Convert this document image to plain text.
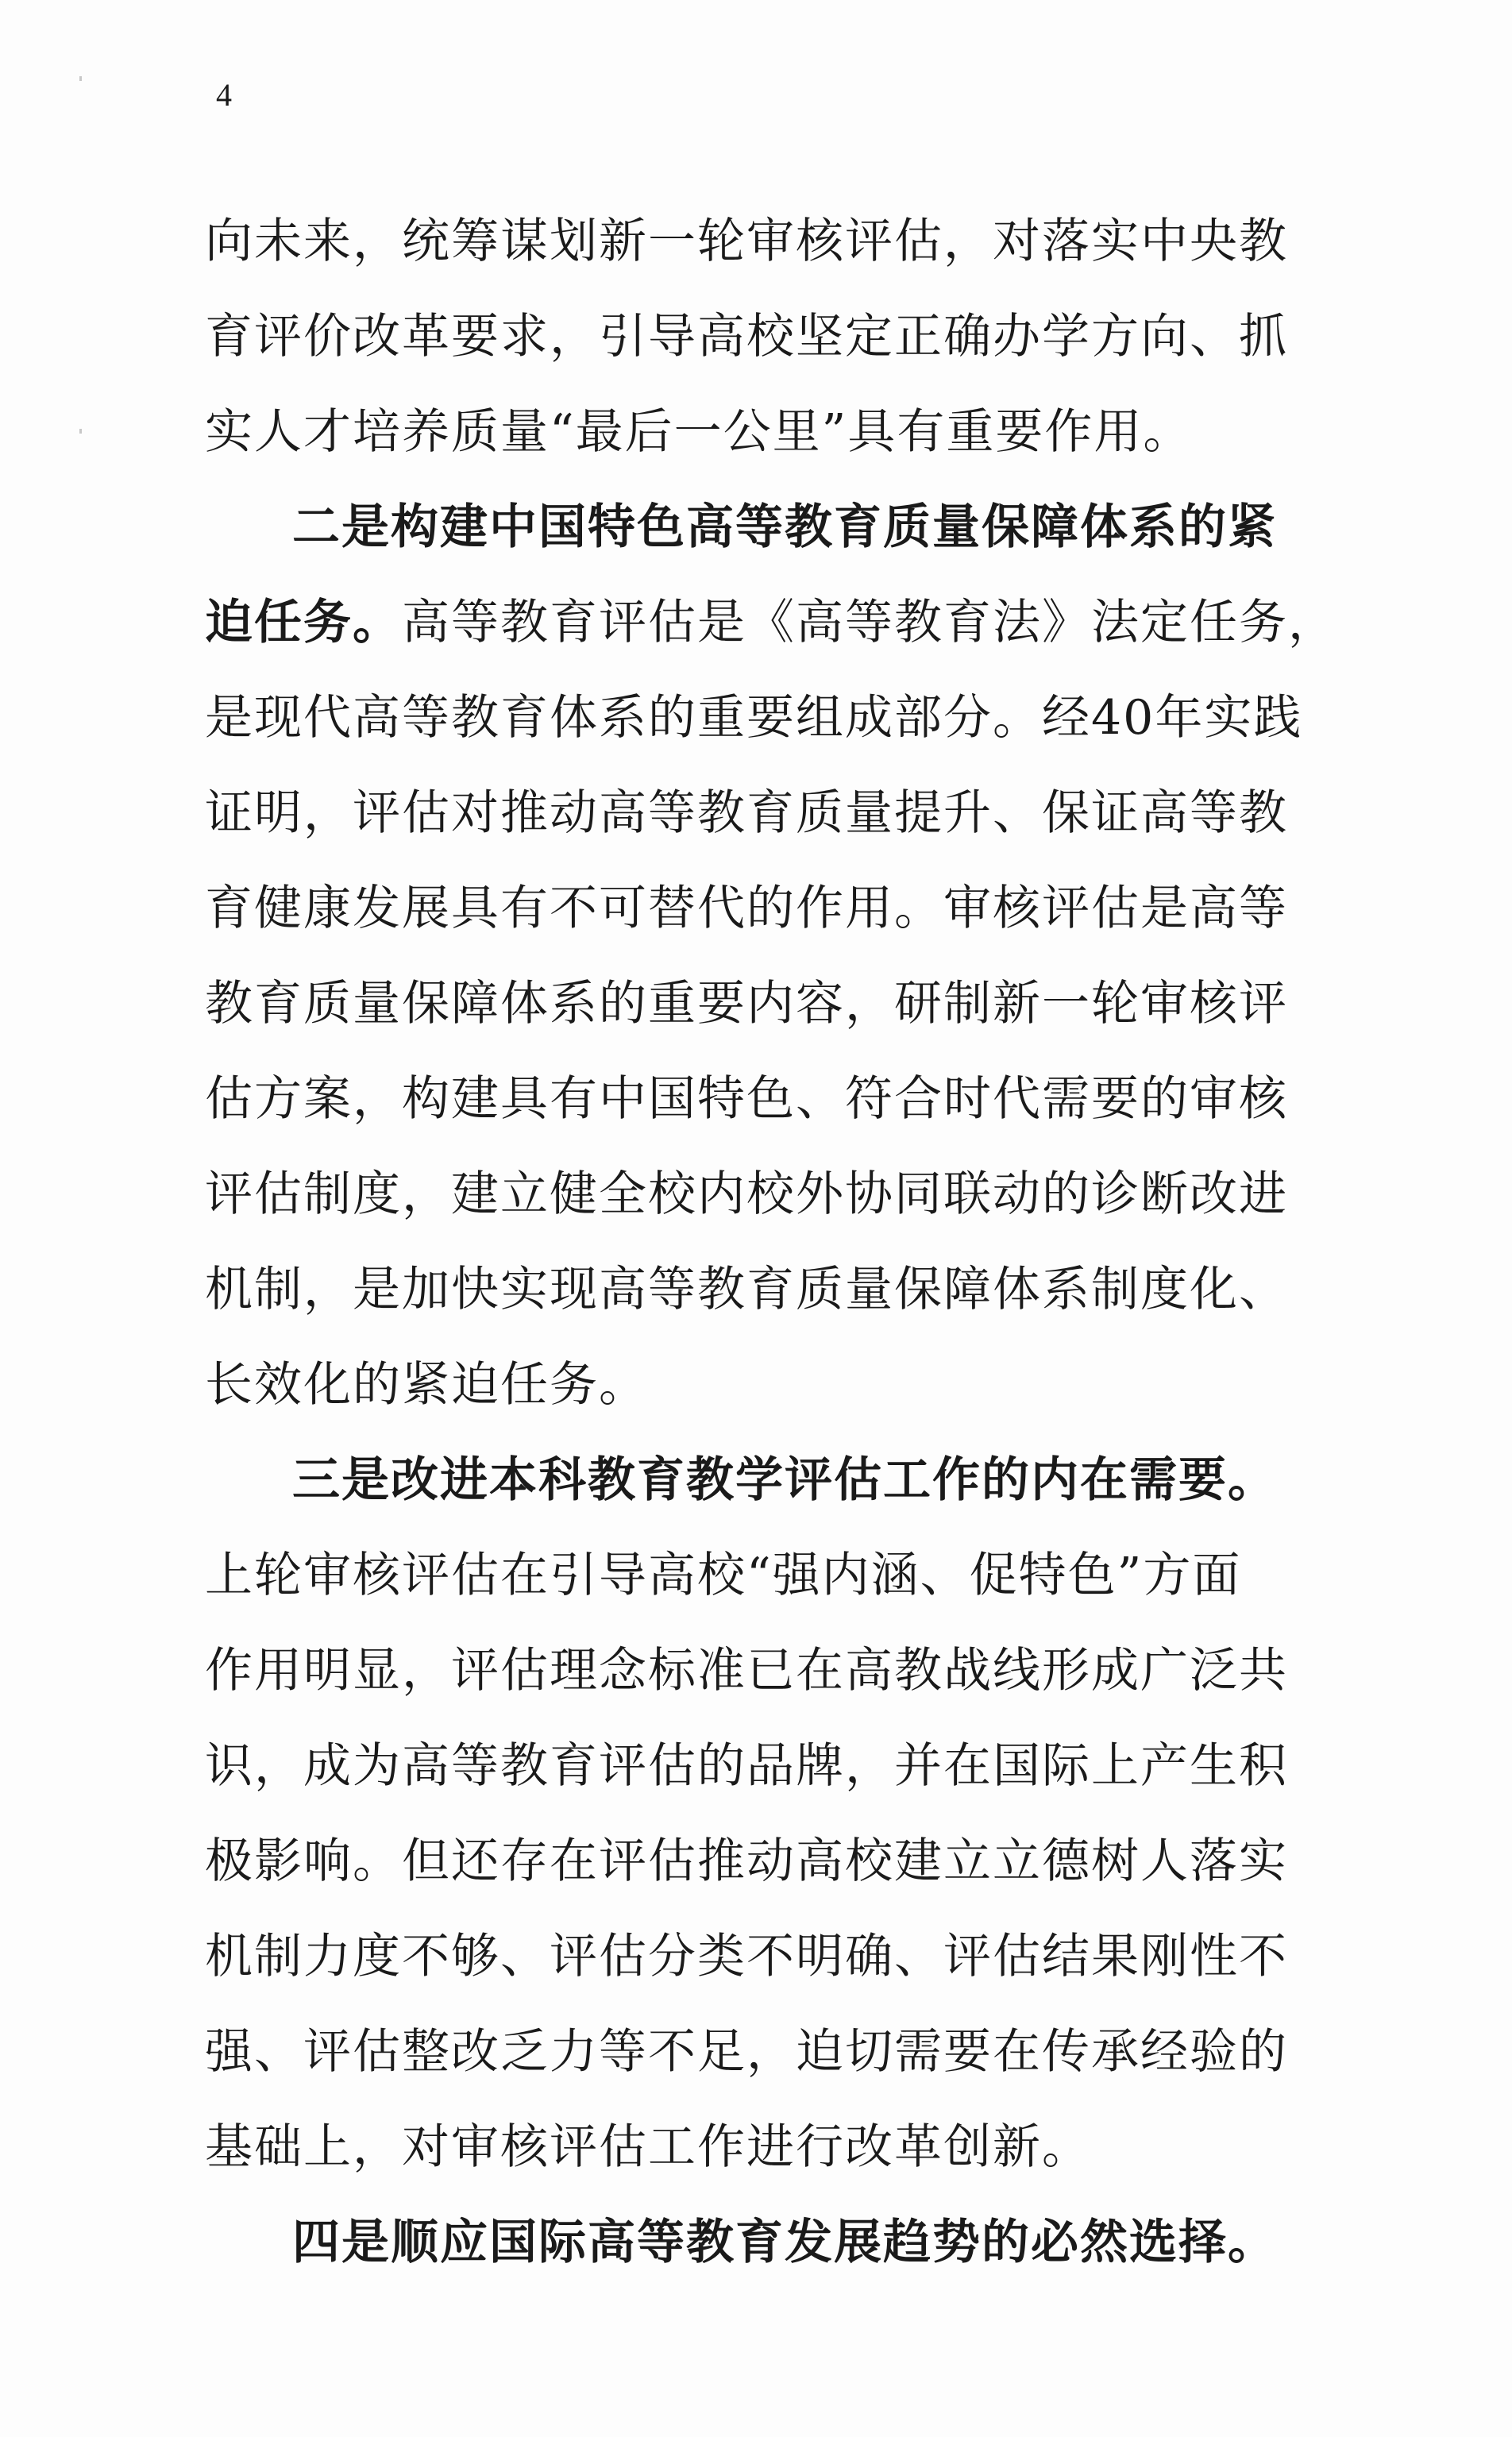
4
向未来，统筹谋划新一轮审核评估，对落实中央教
育评价改革要求，引导高校坚定正确办学方向、抓
实人才培养质量“最后一公里”具有重要作用。
二是构建中国特色高等教育质量保障体系的紧
迫任务。高等教育评估是《高等教育法》法定任务，
是现代高等教育体系的重要组成部分。经40年实践
证明，评估对推动高等教育质量提升、保证高等教
育健康发展具有不可替代的作用。审核评估是高等
教育质量保障体系的重要内容，研制新一轮审核评
估方案，构建具有中国特色、符合时代需要的审核
评估制度，建立健全校内校外协同联动的诊断改进
机制，是加快实现高等教育质量保障体系制度化、
长效化的紧迫任务。
三是改进本科教育教学评估工作的内在需要。
上轮审核评估在引导高校“强内涵、促特色”方面
作用明显，评估理念标准已在高教战线形成广泛共
识，成为高等教育评估的品牌，并在国际上产生积
极影响。但还存在评估推动高校建立立德树人落实
机制力度不够、评估分类不明确、评估结果刚性不
强、评估整改乏力等不足，迫切需要在传承经验的
基础上，对审核评估工作进行改革创新。
四是顺应国际高等教育发展趋势的必然选择。
